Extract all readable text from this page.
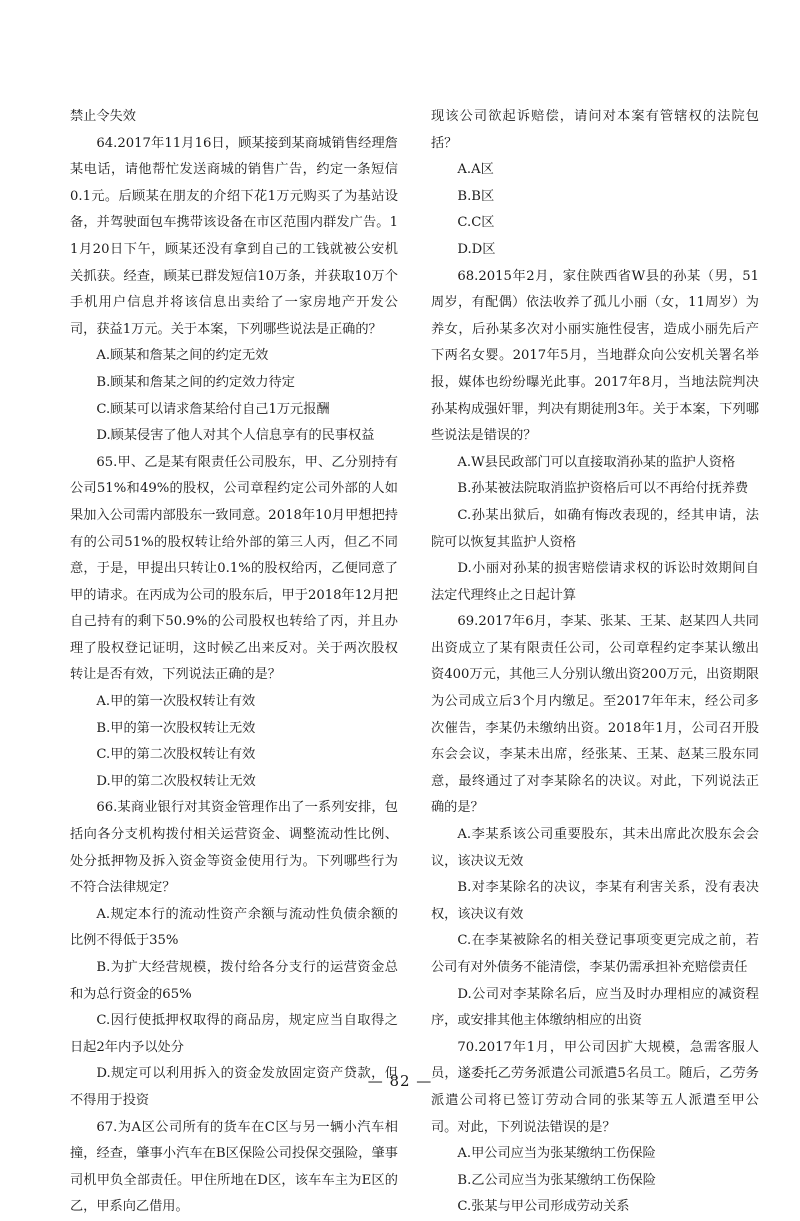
禁止令失效

64.2017年11月16日，顾某接到某商城销售经理詹某电话，请他帮忙发送商城的销售广告，约定一条短信0.1元。后顾某在朋友的介绍下花1万元购买了为基站设备，并驾驶面包车携带该设备在市区范围内群发广告。11月20日下午，顾某还没有拿到自己的工钱就被公安机关抓获。经查，顾某已群发短信10万条，并获取10万个手机用户信息并将该信息出卖给了一家房地产开发公司，获益1万元。关于本案，下列哪些说法是正确的？

A.顾某和詹某之间的约定无效

B.顾某和詹某之间的约定效力待定

C.顾某可以请求詹某给付自己1万元报酬

D.顾某侵害了他人对其个人信息享有的民事权益

65.甲、乙是某有限责任公司股东，甲、乙分别持有公司51%和49%的股权，公司章程约定公司外部的人如果加入公司需内部股东一致同意。2018年10月甲想把持有的公司51%的股权转让给外部的第三人丙，但乙不同意，于是，甲提出只转让0.1%的股权给丙，乙便同意了甲的请求。在丙成为公司的股东后，甲于2018年12月把自己持有的剩下50.9%的公司股权也转给了丙，并且办理了股权登记证明，这时候乙出来反对。关于两次股权转让是否有效，下列说法正确的是？

A.甲的第一次股权转让有效

B.甲的第一次股权转让无效

C.甲的第二次股权转让有效

D.甲的第二次股权转让无效

66.某商业银行对其资金管理作出了一系列安排，包括向各分支机构拨付相关运营资金、调整流动性比例、处分抵押物及拆入资金等资金使用行为。下列哪些行为不符合法律规定？

A.规定本行的流动性资产余额与流动性负债余额的比例不得低于35%

B.为扩大经营规模，拨付给各分支行的运营资金总和为总行资金的65%

C.因行使抵押权取得的商品房，规定应当自取得之日起2年内予以处分

D.规定可以利用拆入的资金发放固定资产贷款，但不得用于投资

67.为A区公司所有的货车在C区与另一辆小汽车相撞，经查，肇事小汽车在B区保险公司投保交强险，肇事司机甲负全部责任。甲住所地在D区，该车车主为E区的乙，甲系向乙借用。

现该公司欲起诉赔偿，请问对本案有管辖权的法院包括？

A.A区

B.B区

C.C区

D.D区

68.2015年2月，家住陕西省W县的孙某（男，51周岁，有配偶）依法收养了孤儿小丽（女，11周岁）为养女，后孙某多次对小丽实施性侵害，造成小丽先后产下两名女婴。2017年5月，当地群众向公安机关署名举报，媒体也纷纷曝光此事。2017年8月，当地法院判决孙某构成强奸罪，判决有期徒刑3年。关于本案，下列哪些说法是错误的？

A.W县民政部门可以直接取消孙某的监护人资格

B.孙某被法院取消监护资格后可以不再给付抚养费

C.孙某出狱后，如确有悔改表现的，经其申请，法院可以恢复其监护人资格

D.小丽对孙某的损害赔偿请求权的诉讼时效期间自法定代理终止之日起计算

69.2017年6月，李某、张某、王某、赵某四人共同出资成立了某有限责任公司，公司章程约定李某认缴出资400万元，其他三人分别认缴出资200万元，出资期限为公司成立后3个月内缴足。至2017年年末，经公司多次催告，李某仍未缴纳出资。2018年1月，公司召开股东会会议，李某未出席，经张某、王某、赵某三股东同意，最终通过了对李某除名的决议。对此，下列说法正确的是？

A.李某系该公司重要股东，其未出席此次股东会会议，该决议无效

B.对李某除名的决议，李某有利害关系，没有表决权，该决议有效

C.在李某被除名的相关登记事项变更完成之前，若公司有对外债务不能清偿，李某仍需承担补充赔偿责任

D.公司对李某除名后，应当及时办理相应的减资程序，或安排其他主体缴纳相应的出资

70.2017年1月，甲公司因扩大规模，急需客服人员，遂委托乙劳务派遣公司派遣5名员工。随后，乙劳务派遣公司将已签订劳动合同的张某等五人派遣至甲公司。对此，下列说法错误的是？

A.甲公司应当为张某缴纳工伤保险

B.乙公司应当为张某缴纳工伤保险

C.张某与甲公司形成劳动关系

— 82 —
